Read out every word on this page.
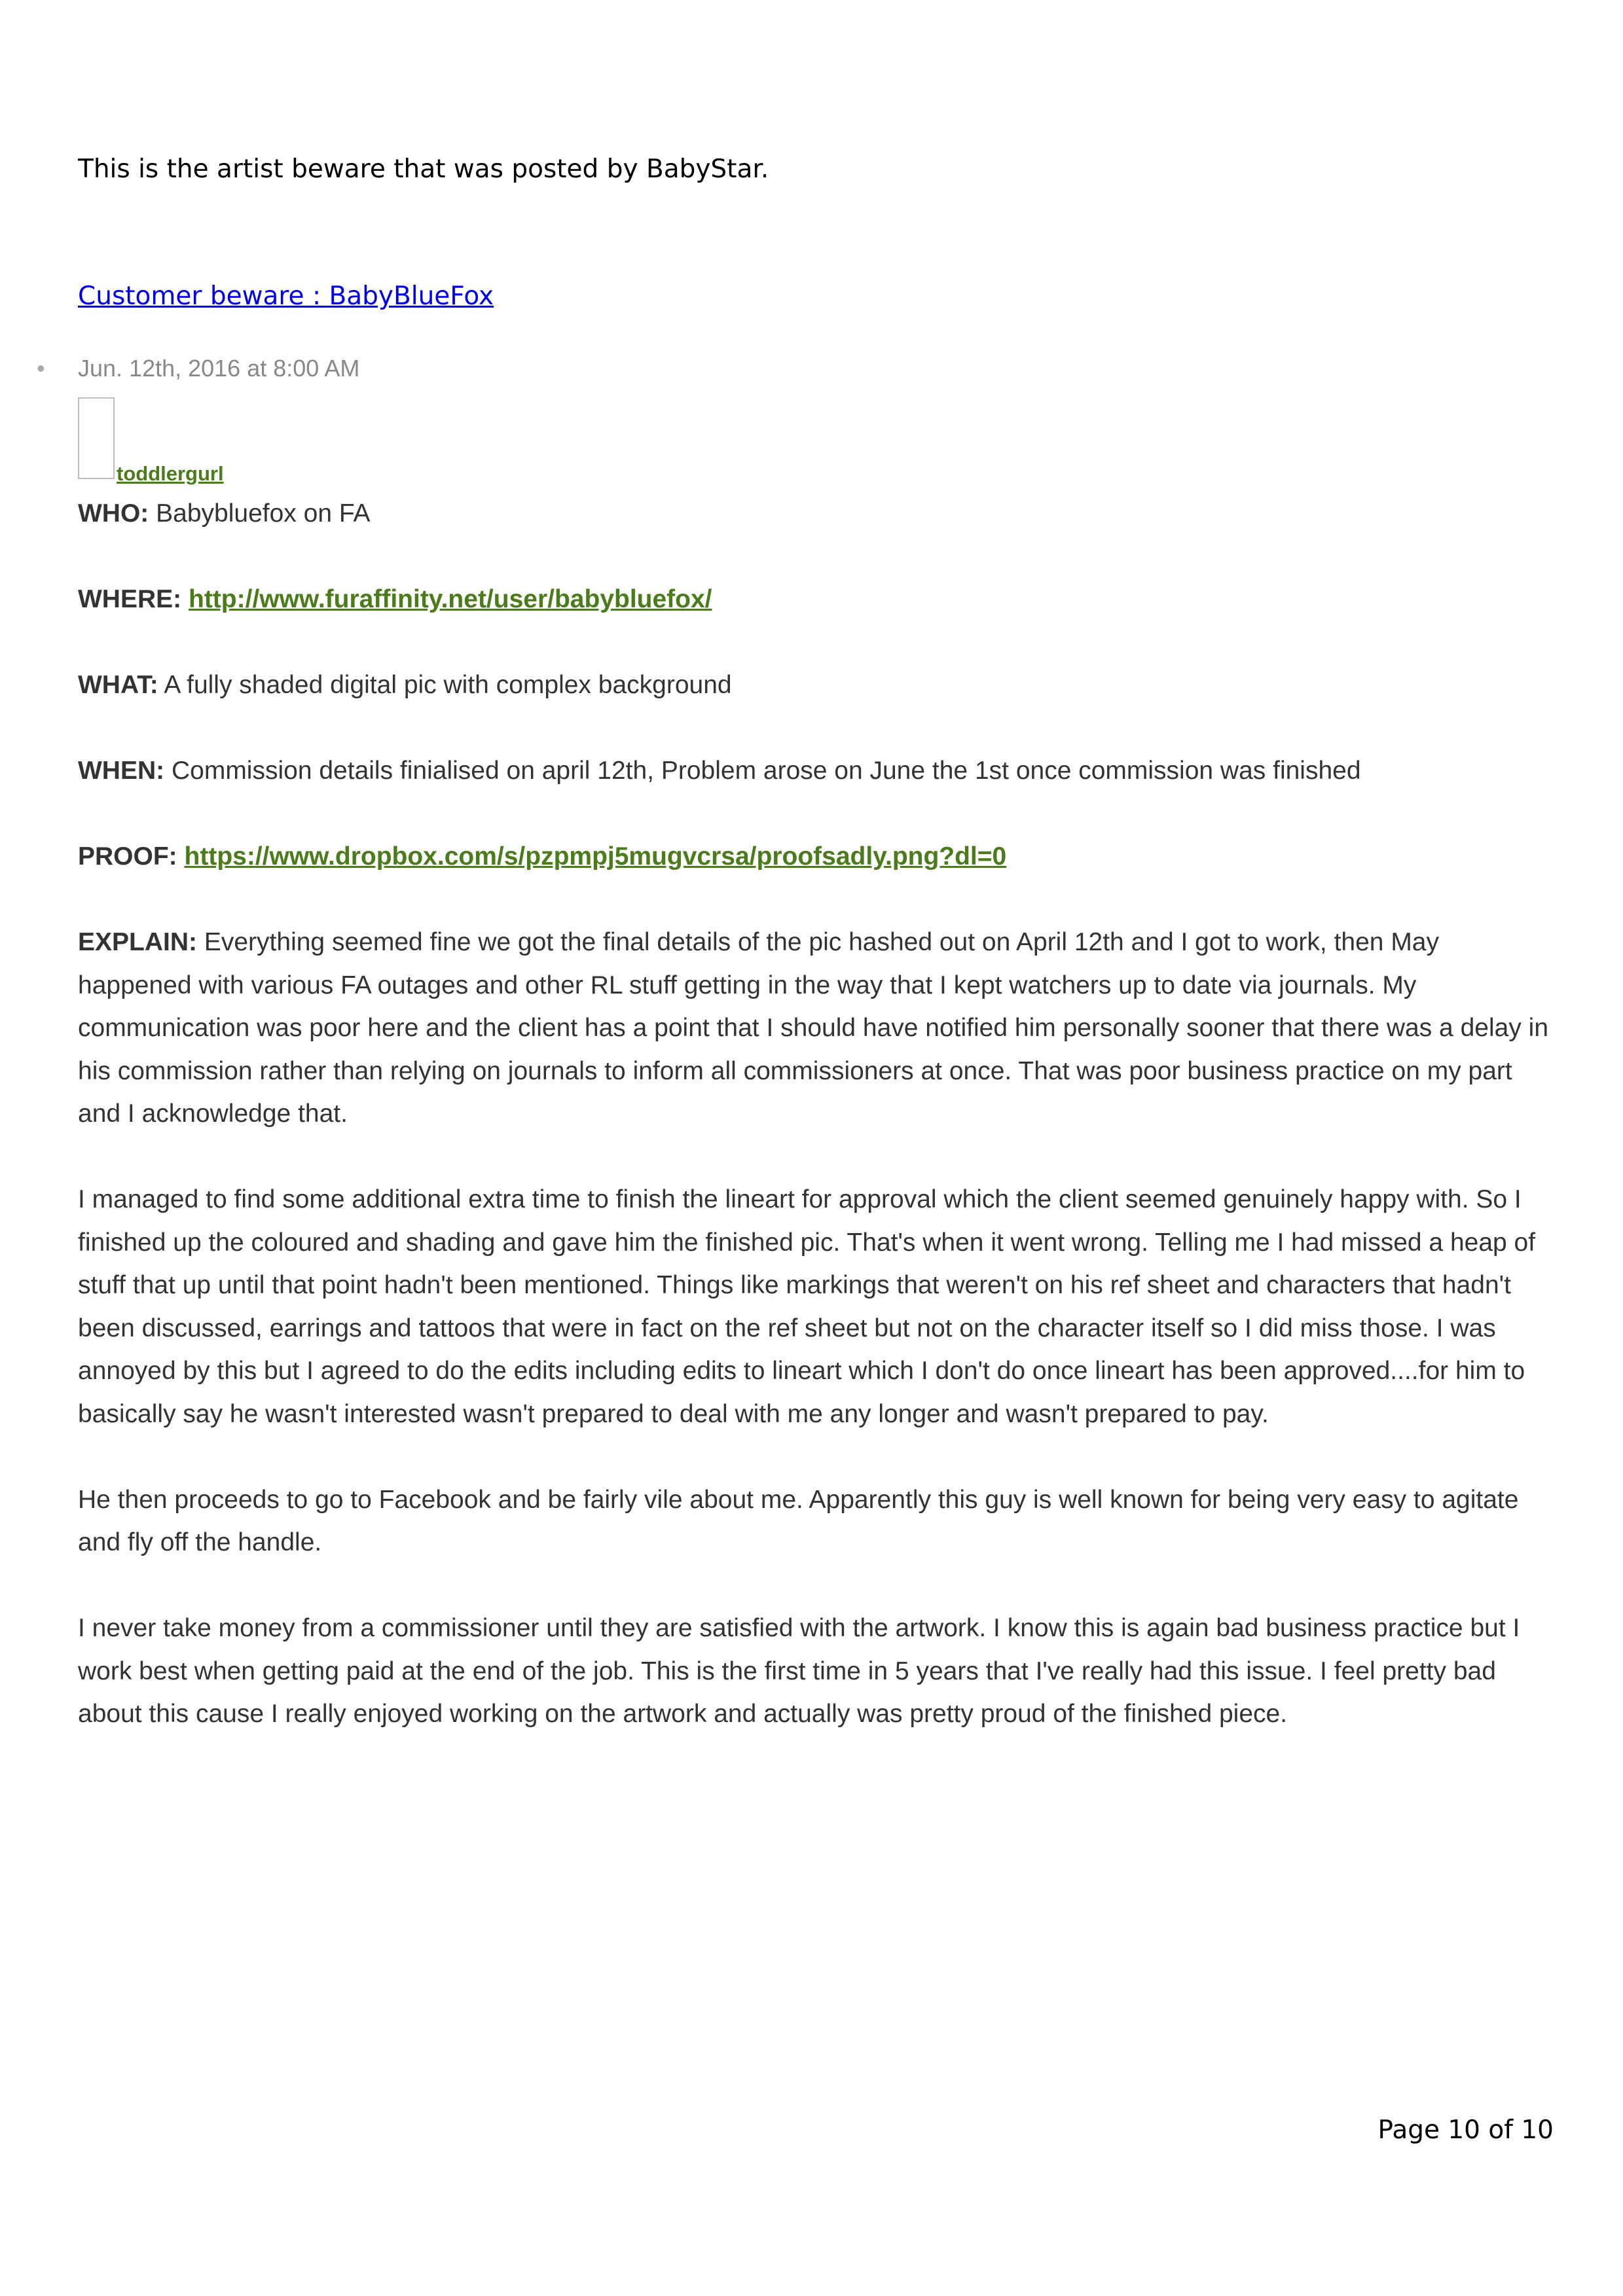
This is the artist beware that was posted by BabyStar.

Customer beware : BabyBlueFox
• Jun. 12th, 2016 at 8:00 AM
toddlergurl

WHO: Babybluefox on FA

WHERE: http://www.furaffinity.net/user/babybluefox/

WHAT: A fully shaded digital pic with complex background

WHEN: Commission details finialised on april 12th, Problem arose on June the 1st once commission was finished

PROOF: https://www.dropbox.com/s/pzpmpj5mugvcrsa/proofsadly.png?dl=0

EXPLAIN: Everything seemed fine we got the final details of the pic hashed out on April 12th and I got to work, then May happened with various FA outages and other RL stuff getting in the way that I kept watchers up to date via journals. My communication was poor here and the client has a point that I should have notified him personally sooner that there was a delay in his commission rather than relying on journals to inform all commissioners at once. That was poor business practice on my part and I acknowledge that.

I managed to find some additional extra time to finish the lineart for approval which the client seemed genuinely happy with. So I finished up the coloured and shading and gave him the finished pic. That's when it went wrong. Telling me I had missed a heap of stuff that up until that point hadn't been mentioned. Things like markings that weren't on his ref sheet and characters that hadn't been discussed, earrings and tattoos that were in fact on the ref sheet but not on the character itself so I did miss those. I was annoyed by this but I agreed to do the edits including edits to lineart which I don't do once lineart has been approved....for him to basically say he wasn't interested wasn't prepared to deal with me any longer and wasn't prepared to pay.

He then proceeds to go to Facebook and be fairly vile about me. Apparently this guy is well known for being very easy to agitate and fly off the handle.

I never take money from a commissioner until they are satisfied with the artwork. I know this is again bad business practice but I work best when getting paid at the end of the job. This is the first time in 5 years that I've really had this issue. I feel pretty bad about this cause I really enjoyed working on the artwork and actually was pretty proud of the finished piece.

Page 10 of 10
